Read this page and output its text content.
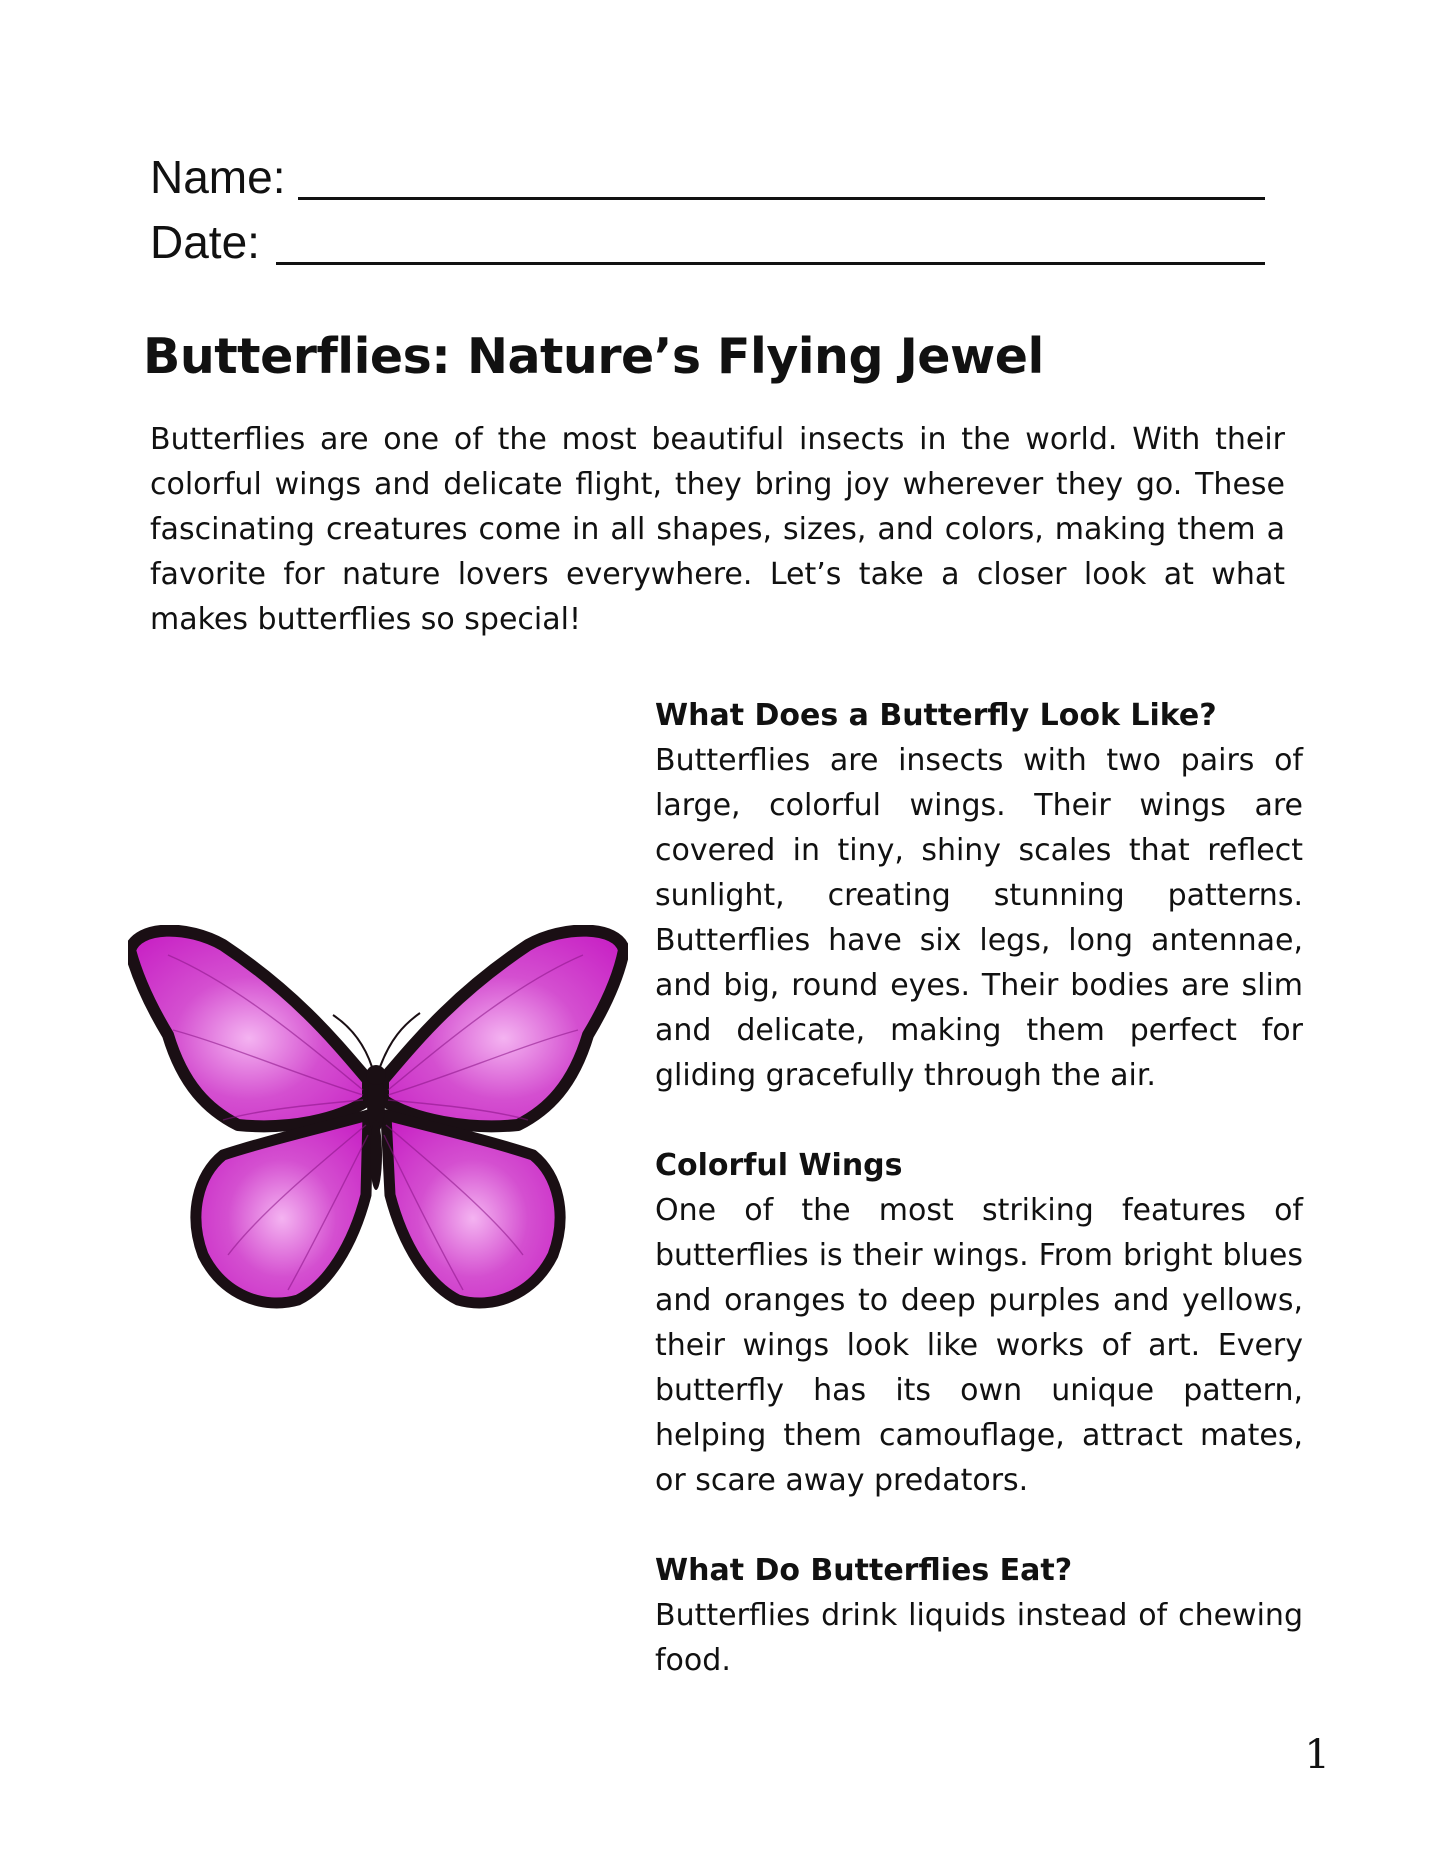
Name:
Date:
Butterflies: Nature’s Flying Jewel

Butterflies are one of the most beautiful insects in the world. With their colorful wings and delicate flight, they bring joy wherever they go. These fascinating creatures come in all shapes, sizes, and colors, making them a favorite for nature lovers everywhere. Let’s take a closer look at what makes butterflies so special!

What Does a Butterfly Look Like?

Butterflies are insects with two pairs of large, colorful wings. Their wings are covered in tiny, shiny scales that reflect sunlight, creating stunning patterns. Butterflies have six legs, long antennae, and big, round eyes. Their bodies are slim and delicate, making them perfect for gliding gracefully through the air.

Colorful Wings

One of the most striking features of butterflies is their wings. From bright blues and oranges to deep purples and yellows, their wings look like works of art. Every butterfly has its own unique pattern, helping them camouflage, attract mates, or scare away predators.

What Do Butterflies Eat?

Butterflies drink liquids instead of chewing food.

1
